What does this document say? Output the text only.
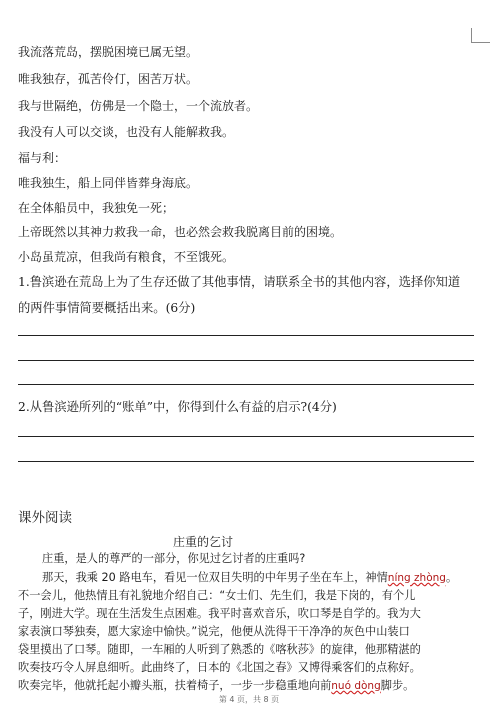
我流落荒岛，摆脱困境已属无望。
唯我独存，孤苦伶仃，困苦万状。
我与世隔绝，仿佛是一个隐士，一个流放者。
我没有人可以交谈，也没有人能解救我。
福与利：
唯我独生，船上同伴皆葬身海底。
在全体船员中，我独免一死；
上帝既然以其神力救我一命，也必然会救我脱离目前的困境。
小岛虽荒凉，但我尚有粮食，不至饿死。
1.鲁滨逊在荒岛上为了生存还做了其他事情，请联系全书的其他内容，选择你知道
的两件事情简要概括出来。(6分)
2.从鲁滨逊所列的“账单”中，你得到什么有益的启示?(4分)
课外阅读
庄重的乞讨
庄重，是人的尊严的一部分，你见过乞讨者的庄重吗?
那天，我乘 20 路电车，看见一位双目失明的中年男子坐在车上，神情níng zhòng。
不一会儿，他热情且有礼貌地介绍自己：“女士们、先生们，我是下岗的，有个儿
子，刚进大学。现在生活发生点困难。我平时喜欢音乐，吹口琴是自学的。我为大
家表演口琴独奏，愿大家途中愉快。”说完，他便从洗得干干净净的灰色中山装口
袋里摸出了口琴。随即，一车厢的人听到了熟悉的《喀秋莎》的旋律，他那精湛的
吹奏技巧令人屏息细听。此曲终了，日本的《北国之春》又博得乘客们的点称好。
吹奏完毕，他就托起小瓣头瓶，扶着椅子，一步一步稳重地向前nuó dòng脚步。
第 4 页，共 8 页
